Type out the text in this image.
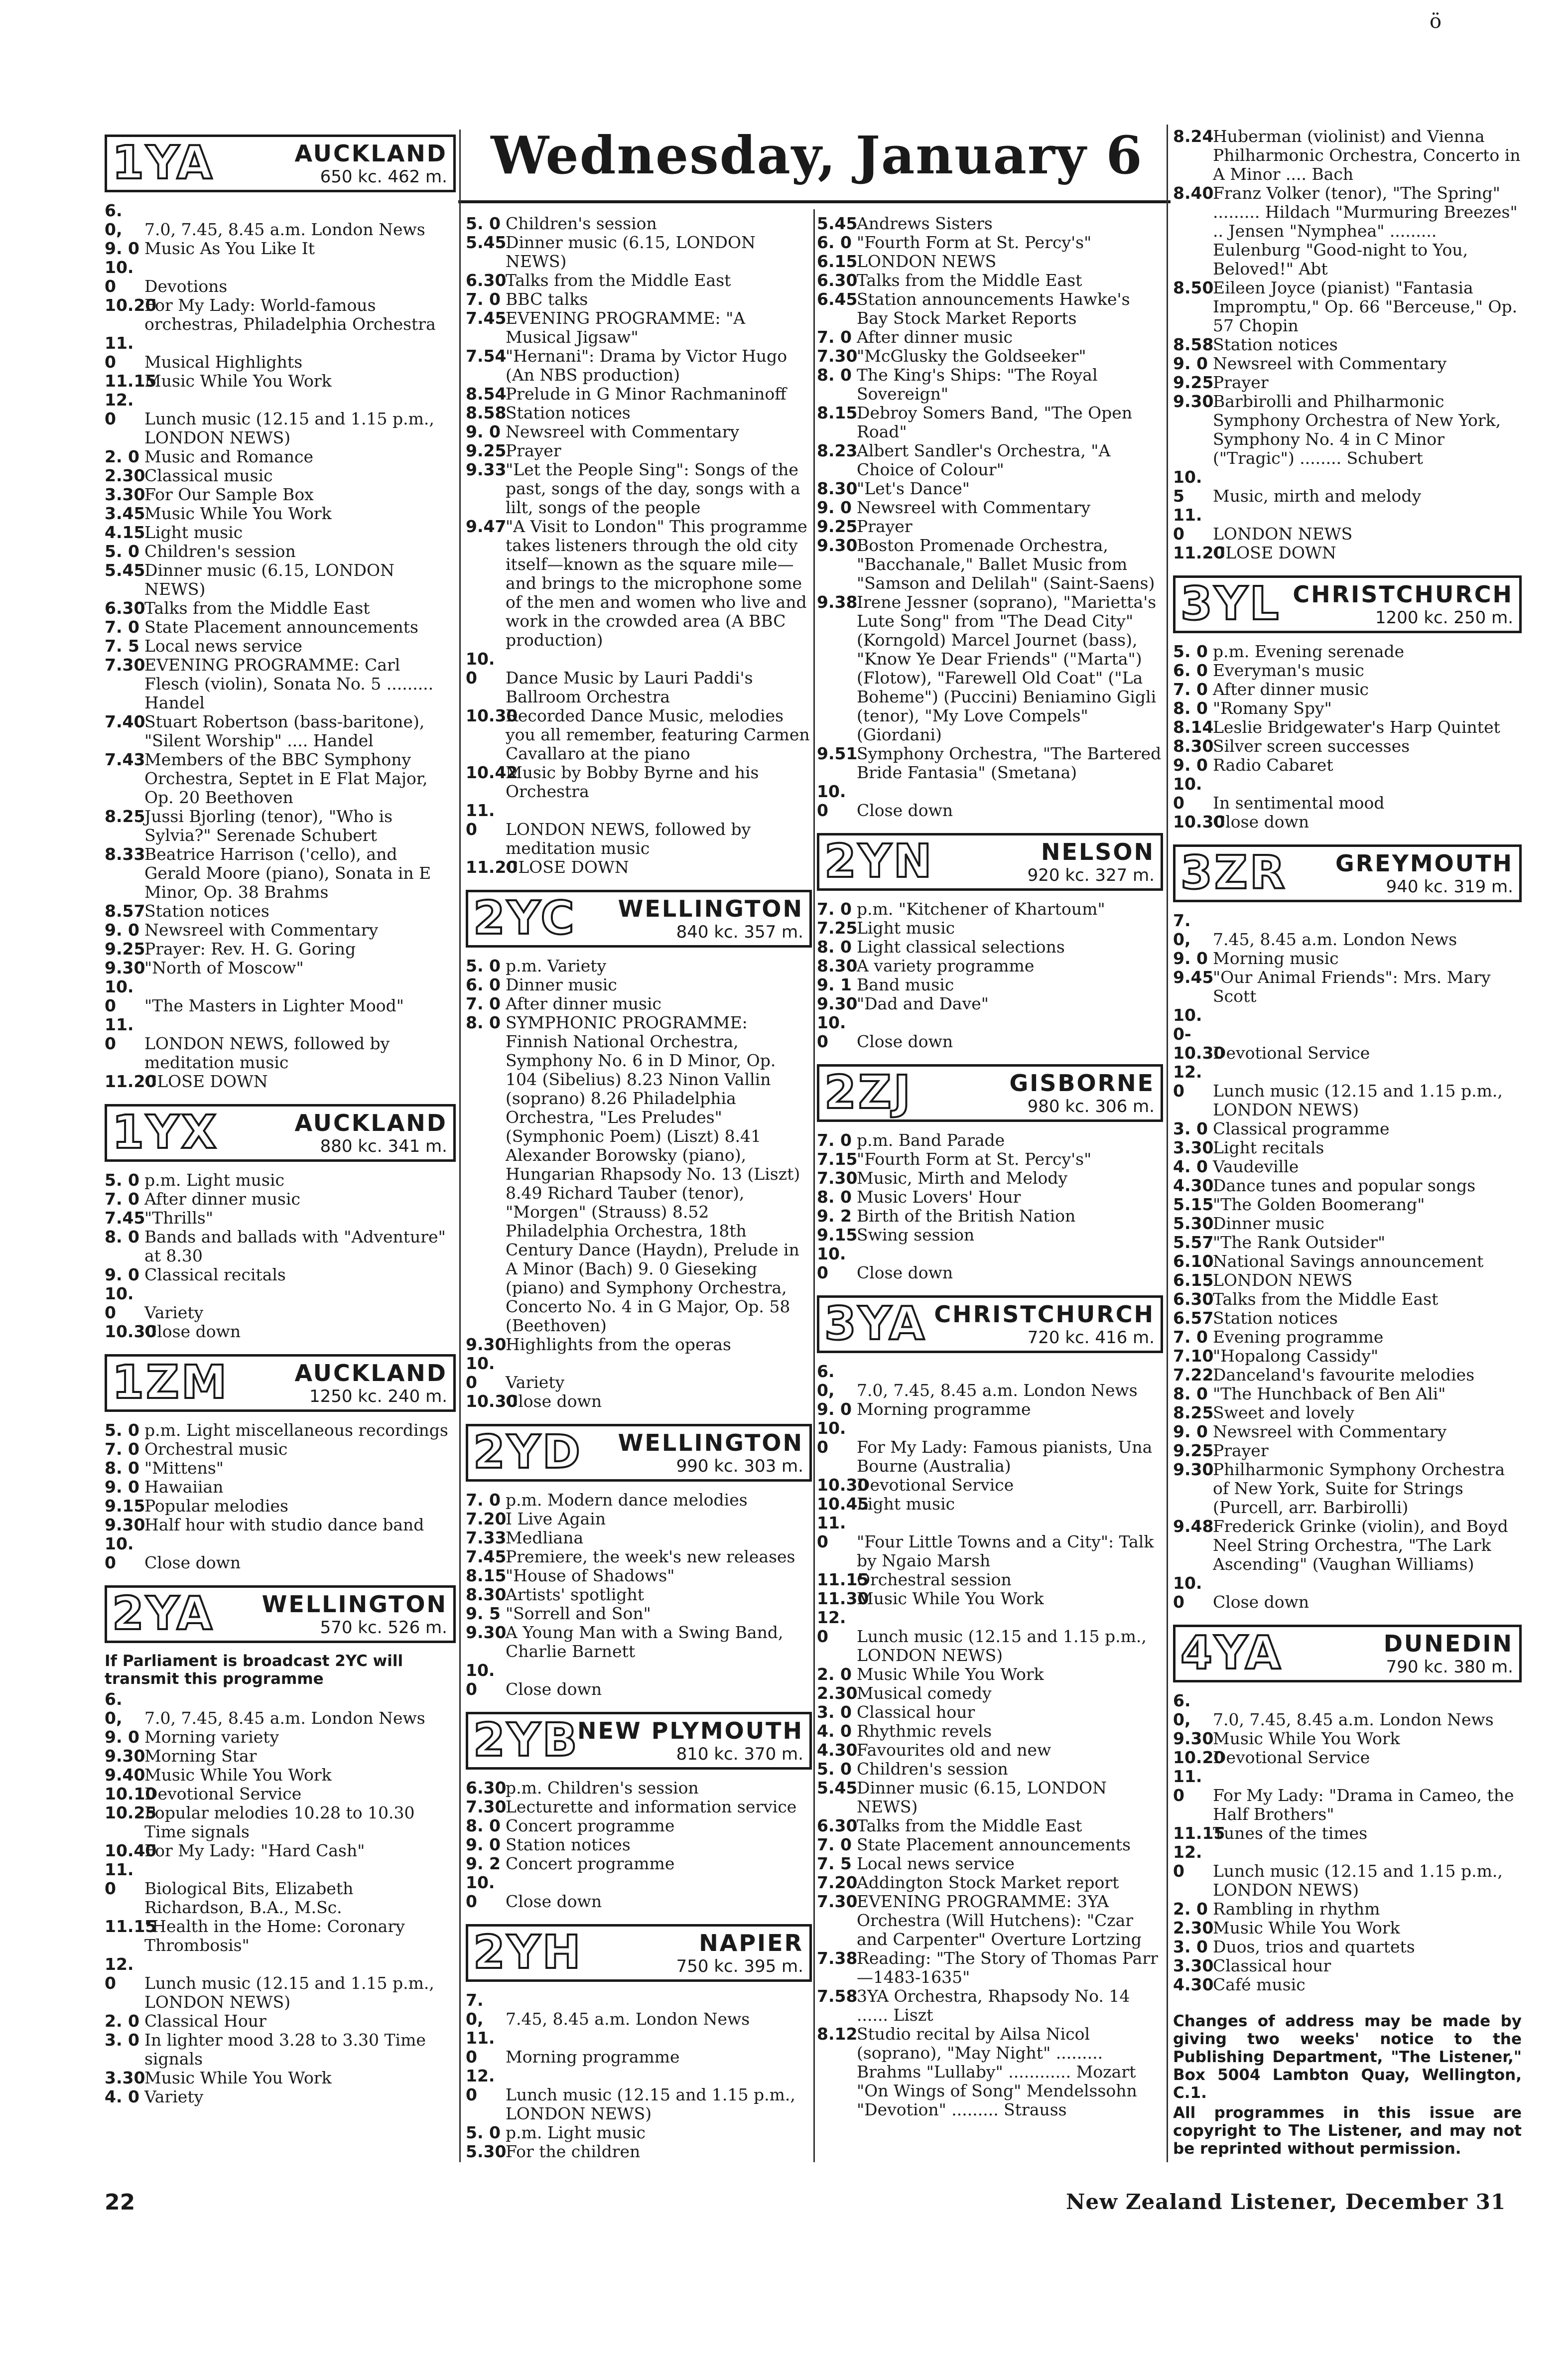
ö
Wednesday, January 6
1YA	AUCKLAND
650 kc. 462 m.

6. 0, 7.0, 7.45, 8.45 a.m. London News

9. 0 Music As You Like It

10. 0 Devotions

10.20For My Lady: World-famous orchestras, Philadelphia Orchestra

11. 0 Musical Highlights

11.15Music While You Work

12. 0 Lunch music (12.15 and 1.15 p.m., LONDON NEWS)

2. 0 Music and Romance

2.30Classical music

3.30For Our Sample Box

3.45Music While You Work

4.15Light music

5. 0 Children's session

5.45Dinner music (6.15, LONDON NEWS)

6.30Talks from the Middle East

7. 0 State Placement announcements

7. 5 Local news service

7.30EVENING PROGRAMME: Carl Flesch (violin), Sonata No. 5 ......... Handel

7.40Stuart Robertson (bass-baritone), "Silent Worship" .... Handel

7.43Members of the BBC Symphony Orchestra, Septet in E Flat Major, Op. 20 Beethoven

8.25Jussi Bjorling (tenor), "Who is Sylvia?" Serenade Schubert

8.33Beatrice Harrison ('cello), and Gerald Moore (piano), Sonata in E Minor, Op. 38 Brahms

8.57Station notices

9. 0 Newsreel with Commentary

9.25Prayer: Rev. H. G. Goring

9.30"North of Moscow"

10. 0 "The Masters in Lighter Mood"

11. 0 LONDON NEWS, followed by meditation music

11.20CLOSE DOWN

1YX	AUCKLAND
880 kc. 341 m.

5. 0 p.m. Light music

7. 0 After dinner music

7.45"Thrills"

8. 0 Bands and ballads with "Adventure" at 8.30

9. 0 Classical recitals

10. 0 Variety

10.30Close down

1ZM	AUCKLAND
1250 kc. 240 m.

5. 0 p.m. Light miscellaneous recordings

7. 0 Orchestral music

8. 0 "Mittens"

9. 0 Hawaiian

9.15Popular melodies

9.30Half hour with studio dance band

10. 0 Close down

2YA WELLINGTON
570 kc. 526 m.

If Parliament is broadcast 2YC will transmit this programme

6. 0, 7.0, 7.45, 8.45 a.m. London News

9. 0 Morning variety

9.30Morning Star

9.40Music While You Work

10.10Devotional Service

10.25Popular melodies 10.28 to 10.30 Time signals

10.40For My Lady: "Hard Cash"

11. 0 Biological Bits, Elizabeth Richardson, B.A., M.Sc.

11.15"Health in the Home: Coronary Thrombosis"

12. 0 Lunch music (12.15 and 1.15 p.m., LONDON NEWS)

2. 0 Classical Hour

3. 0 In lighter mood 3.28 to 3.30 Time signals

3.30Music While You Work

4. 0 Variety

5. 0 Children's session

5.45Dinner music (6.15, LONDON NEWS)

6.30Talks from the Middle East

7. 0 BBC talks

7.45EVENING PROGRAMME: "A Musical Jigsaw"

7.54"Hernani": Drama by Victor Hugo (An NBS production)

8.54Prelude in G Minor Rachmaninoff

8.58Station notices

9. 0 Newsreel with Commentary

9.25Prayer

9.33"Let the People Sing": Songs of the past, songs of the day, songs with a lilt, songs of the people

9.47"A Visit to London" This programme takes listeners through the old city itself—known as the square mile—and brings to the microphone some of the men and women who live and work in the crowded area (A BBC production)

10. 0 Dance Music by Lauri Paddi's Ballroom Orchestra

10.30Recorded Dance Music, melodies you all remember, featuring Carmen Cavallaro at the piano

10.42Music by Bobby Byrne and his Orchestra

11. 0 LONDON NEWS, followed by meditation music

11.20CLOSE DOWN

2YC WELLINGTON
840 kc. 357 m.

5. 0 p.m. Variety

6. 0 Dinner music

7. 0 After dinner music

8. 0 SYMPHONIC PROGRAMME: Finnish National Orchestra, Symphony No. 6 in D Minor, Op. 104 (Sibelius) 8.23 Ninon Vallin (soprano) 8.26 Philadelphia Orchestra, "Les Preludes" (Symphonic Poem) (Liszt) 8.41 Alexander Borowsky (piano), Hungarian Rhapsody No. 13 (Liszt) 8.49 Richard Tauber (tenor), "Morgen" (Strauss) 8.52 Philadelphia Orchestra, 18th Century Dance (Haydn), Prelude in A Minor (Bach) 9. 0 Gieseking (piano) and Symphony Orchestra, Concerto No. 4 in G Major, Op. 58 (Beethoven)

9.30Highlights from the operas

10. 0 Variety

10.30Close down

2YD WELLINGTON
990 kc. 303 m.

7. 0 p.m. Modern dance melodies

7.20I Live Again

7.33Medliana

7.45Premiere, the week's new releases

8.15"House of Shadows"

8.30Artists' spotlight

9. 5 "Sorrell and Son"

9.30A Young Man with a Swing Band, Charlie Barnett

10. 0 Close down

2YB
NEW PLYMOUTH
810 kc. 370 m.

6.30p.m. Children's session

7.30Lecturette and information service

8. 0 Concert programme

9. 0 Station notices

9. 2 Concert programme

10. 0 Close down

2YH	NAPIER
750 kc. 395 m.

7. 0, 7.45, 8.45 a.m. London News

11. 0 Morning programme

12. 0 Lunch music (12.15 and 1.15 p.m., LONDON NEWS)

5. 0 p.m. Light music

5.30For the children

5.45Andrews Sisters

6. 0 "Fourth Form at St. Percy's"

6.15LONDON NEWS

6.30Talks from the Middle East

6.45Station announcements Hawke's Bay Stock Market Reports

7. 0 After dinner music

7.30"McGlusky the Goldseeker"

8. 0 The King's Ships: "The Royal Sovereign"

8.15Debroy Somers Band, "The Open Road"

8.23Albert Sandler's Orchestra, "A Choice of Colour"

8.30"Let's Dance"

9. 0 Newsreel with Commentary

9.25Prayer

9.30Boston Promenade Orchestra, "Bacchanale," Ballet Music from "Samson and Delilah" (Saint-Saens)

9.38Irene Jessner (soprano), "Marietta's Lute Song" from "The Dead City" (Korngold) Marcel Journet (bass), "Know Ye Dear Friends" ("Marta") (Flotow), "Farewell Old Coat" ("La Boheme") (Puccini) Beniamino Gigli (tenor), "My Love Compels" (Giordani)

9.51Symphony Orchestra, "The Bartered Bride Fantasia" (Smetana)

10. 0 Close down

2YN	NELSON
920 kc. 327 m.

7. 0 p.m. "Kitchener of Khartoum"

7.25Light music

8. 0 Light classical selections

8.30A variety programme

9. 1 Band music

9.30"Dad and Dave"

10. 0 Close down

2ZJ	GISBORNE
980 kc. 306 m.

7. 0 p.m. Band Parade

7.15"Fourth Form at St. Percy's"

7.30Music, Mirth and Melody

8. 0 Music Lovers' Hour

9. 2 Birth of the British Nation

9.15Swing session

10. 0 Close down

3YA CHRISTCHURCH
720 kc. 416 m.

6. 0, 7.0, 7.45, 8.45 a.m. London News

9. 0 Morning programme

10. 0 For My Lady: Famous pianists, Una Bourne (Australia)

10.30Devotional Service

10.45Light music

11. 0 "Four Little Towns and a City": Talk by Ngaio Marsh

11.15Orchestral session

11.30Music While You Work

12. 0 Lunch music (12.15 and 1.15 p.m., LONDON NEWS)

2. 0 Music While You Work

2.30Musical comedy

3. 0 Classical hour

4. 0 Rhythmic revels

4.30Favourites old and new

5. 0 Children's session

5.45Dinner music (6.15, LONDON NEWS)

6.30Talks from the Middle East

7. 0 State Placement announcements

7. 5 Local news service

7.20Addington Stock Market report

7.30EVENING PROGRAMME: 3YA Orchestra (Will Hutchens): "Czar and Carpenter" Overture Lortzing

7.38Reading: "The Story of Thomas Parr—1483-1635"

7.583YA Orchestra, Rhapsody No. 14 ...... Liszt

8.12Studio recital by Ailsa Nicol (soprano), "May Night" ......... Brahms "Lullaby" ............ Mozart "On Wings of Song" Mendelssohn "Devotion" ......... Strauss

8.24Huberman (violinist) and Vienna Philharmonic Orchestra, Concerto in A Minor .... Bach

8.40Franz Volker (tenor), "The Spring" ......... Hildach "Murmuring Breezes" .. Jensen "Nymphea" ......... Eulenburg "Good-night to You, Beloved!" Abt

8.50Eileen Joyce (pianist) "Fantasia Impromptu," Op. 66 "Berceuse," Op. 57 Chopin

8.58Station notices

9. 0 Newsreel with Commentary

9.25Prayer

9.30Barbirolli and Philharmonic Symphony Orchestra of New York, Symphony No. 4 in C Minor ("Tragic") ........ Schubert

10. 5 Music, mirth and melody

11. 0 LONDON NEWS

11.20CLOSE DOWN

3YL CHRISTCHURCH
1200 kc. 250 m.

5. 0 p.m. Evening serenade

6. 0 Everyman's music

7. 0 After dinner music

8. 0 "Romany Spy"

8.14Leslie Bridgewater's Harp Quintet

8.30Silver screen successes

9. 0 Radio Cabaret

10. 0 In sentimental mood

10.30Close down

3ZR GREYMOUTH
940 kc. 319 m.

7. 0, 7.45, 8.45 a.m. London News

9. 0 Morning music

9.45"Our Animal Friends": Mrs. Mary Scott

10. 0-10.30Devotional Service

12. 0 Lunch music (12.15 and 1.15 p.m., LONDON NEWS)

3. 0 Classical programme

3.30Light recitals

4. 0 Vaudeville

4.30Dance tunes and popular songs

5.15"The Golden Boomerang"

5.30Dinner music

5.57"The Rank Outsider"

6.10National Savings announcement

6.15LONDON NEWS

6.30Talks from the Middle East

6.57Station notices

7. 0 Evening programme

7.10"Hopalong Cassidy"

7.22Danceland's favourite melodies

8. 0 "The Hunchback of Ben Ali"

8.25Sweet and lovely

9. 0 Newsreel with Commentary

9.25Prayer

9.30Philharmonic Symphony Orchestra of New York, Suite for Strings (Purcell, arr. Barbirolli)

9.48Frederick Grinke (violin), and Boyd Neel String Orchestra, "The Lark Ascending" (Vaughan Williams)

10. 0 Close down

4YA	DUNEDIN
790 kc. 380 m.

6. 0, 7.0, 7.45, 8.45 a.m. London News

9.30Music While You Work

10.20Devotional Service

11. 0 For My Lady: "Drama in Cameo, the Half Brothers"

11.15Tunes of the times

12. 0 Lunch music (12.15 and 1.15 p.m., LONDON NEWS)

2. 0 Rambling in rhythm

2.30Music While You Work

3. 0 Duos, trios and quartets

3.30Classical hour

4.30Café music

Changes of address may be made by giving two weeks' notice to the Publishing Department, "The Listener," Box 5004 Lambton Quay, Wellington, C.1.

All programmes in this issue are copyright to The Listener, and may not be reprinted without permission.

22	New Zealand Listener, December 31
